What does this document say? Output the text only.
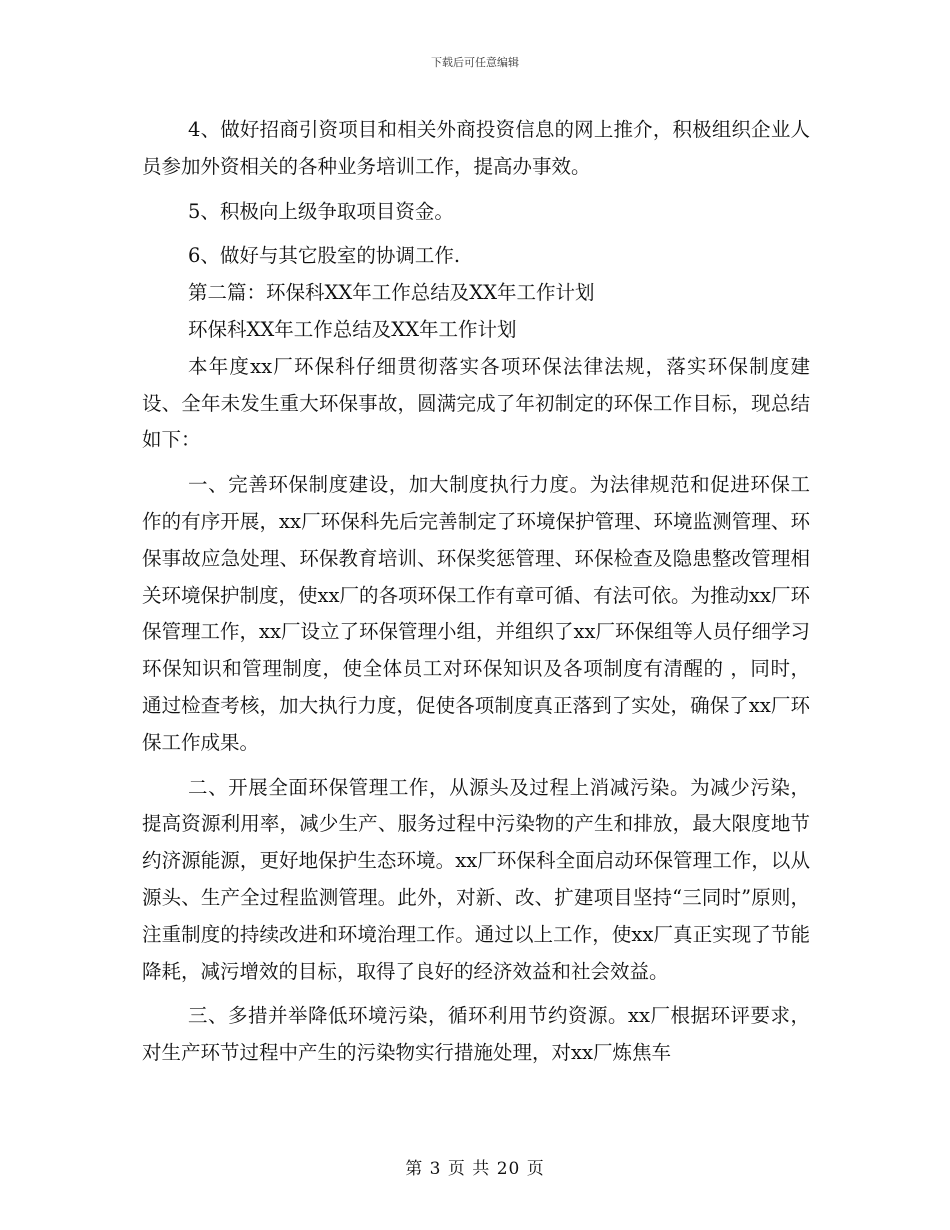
下载后可任意编辑

4、做好招商引资项目和相关外商投资信息的网上推介，积极组织企业人员参加外资相关的各种业务培训工作，提高办事效。

5、积极向上级争取项目资金。

6、做好与其它股室的协调工作.

第二篇：环保科XX年工作总结及XX年工作计划

环保科XX年工作总结及XX年工作计划

本年度xx厂环保科仔细贯彻落实各项环保法律法规，落实环保制度建设、全年未发生重大环保事故，圆满完成了年初制定的环保工作目标，现总结如下：

一、完善环保制度建设，加大制度执行力度。为法律规范和促进环保工作的有序开展，xx厂环保科先后完善制定了环境保护管理、环境监测管理、环保事故应急处理、环保教育培训、环保奖惩管理、环保检查及隐患整改管理相关环境保护制度，使xx厂的各项环保工作有章可循、有法可依。为推动xx厂环保管理工作，xx厂设立了环保管理小组，并组织了xx厂环保组等人员仔细学习环保知识和管理制度，使全体员工对环保知识及各项制度有清醒的 ，同时，通过检查考核，加大执行力度，促使各项制度真正落到了实处，确保了xx厂环保工作成果。

二、开展全面环保管理工作，从源头及过程上消减污染。为减少污染，提高资源利用率，减少生产、服务过程中污染物的产生和排放，最大限度地节约济源能源，更好地保护生态环境。xx厂环保科全面启动环保管理工作，以从源头、生产全过程监测管理。此外，对新、改、扩建项目坚持“三同时”原则，注重制度的持续改进和环境治理工作。通过以上工作，使xx厂真正实现了节能降耗，减污增效的目标，取得了良好的经济效益和社会效益。

三、多措并举降低环境污染，循环利用节约资源。xx厂根据环评要求，对生产环节过程中产生的污染物实行措施处理，对xx厂炼焦车

第 3 页 共 20 页
